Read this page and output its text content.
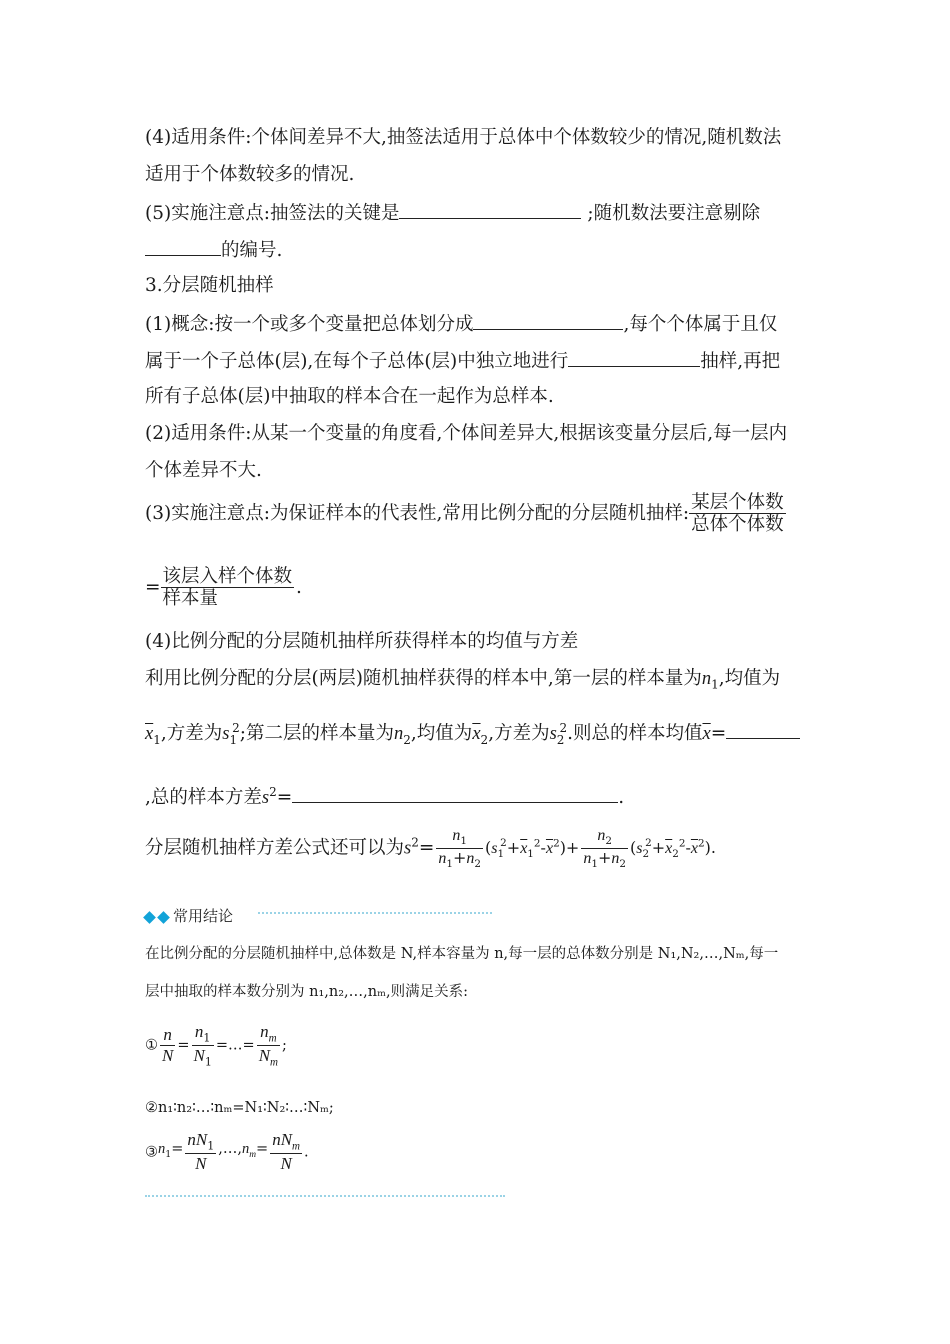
(4)适用条件:个体间差异不大,抽签法适用于总体中个体数较少的情况,随机数法
适用于个体数较多的情况.
(5)实施注意点:抽签法的关键是	;随机数法要注意剔除
的编号.
3.分层随机抽样
(1)概念:按一个或多个变量把总体划分成	,每个个体属于且仅
属于一个子总体(层),在每个子总体(层)中独立地进行	抽样,再把
所有子总体(层)中抽取的样本合在一起作为总样本.
(2)适用条件:从某一个变量的角度看,个体间差异大,根据该变量分层后,每一层内
个体差异不大.
(3)实施注意点:为保证样本的代表性,常用比例分配的分层随机抽样: $\frac{\text{某层个体数}}{\text{总体个体数}}$
= $\frac{\text{该层入样个体数}}{\text{样本量}}$ .
(4)比例分配的分层随机抽样所获得样本的均值与方差
利用比例分配的分层(两层)随机抽样获得的样本中,第一层的样本量为$n_1$,均值为
$\overline{x}_1$,方差为$s_1^2$;第二层的样本量为$n_2$,均值为$\overline{x}_2$,方差为$s_2^2$.则总的样本均值$\overline{x}=$
,总的样本方差$s^2=$	.
分层随机抽样方差公式还可以为$s^2= \frac{n_1}{n_1+n_2} (s_1^2+\overline{x}_1^2-\overline{x}^2)+ \frac{n_2}{n_1+n_2} (s_2^2+\overline{x}_2^2-\overline{x}^2)$.
常用结论
在比例分配的分层随机抽样中,总体数是 N,样本容量为 n,每一层的总体数分别是 N₁,N₂,…,Nₘ,每一
层中抽取的样本数分别为 n₁,n₂,…,nₘ,则满足关系:
① $\frac{n}{N} = \frac{n_1}{N_1}$ =…= $\frac{n_m}{N_m}$ ;
②n₁∶n₂∶…∶nₘ=N₁∶N₂∶…∶Nₘ;
$③n_1= \frac{nN_1}{N}$ $,\dots,n_m= \frac{nN_m}{N}$ .
